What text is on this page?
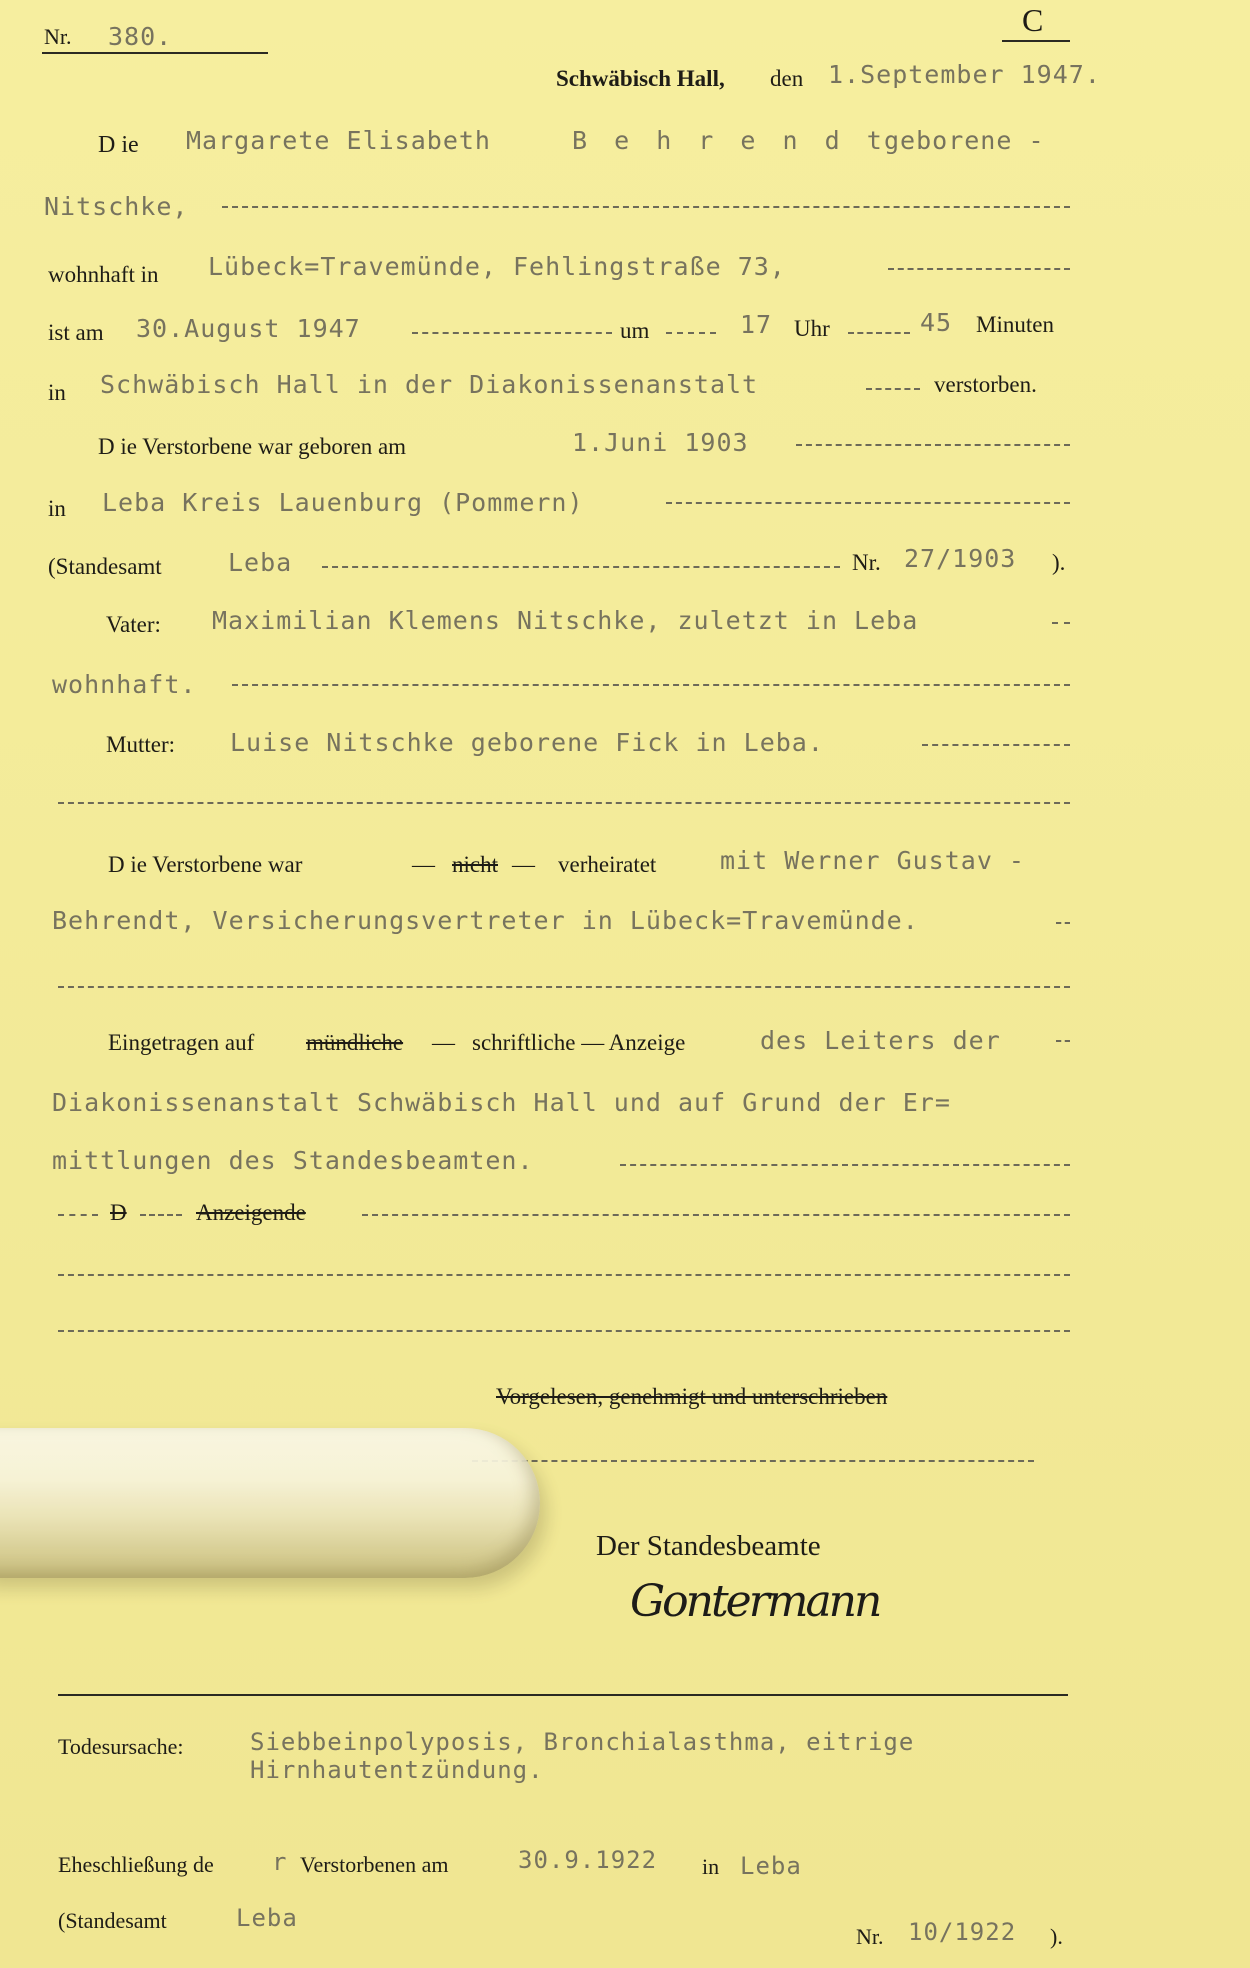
Nr. 380.	C
Schwäbisch Hall, den 1.September 1947.
D ie Margarete Elisabeth	B e h r e n d t
geborene -
Nitschke,
wohnhaft in Lübeck=Travemünde, Fehlingstraße 73,
ist am 30.August 1947	um	17 Uhr	45 Minuten
in Schwäbisch Hall in der Diakonissenanstalt	verstorben.
D ie Verstorbene war geboren am	1.Juni 1903
in Leba Kreis Lauenburg (Pommern)
(Standesamt	Leba	Nr. 27/1903 ).
Vater: Maximilian Klemens Nitschke, zuletzt in Leba
wohnhaft.
Mutter: Luise Nitschke geborene Fick in Leba.
D ie Verstorbene war	— nicht — verheiratet	mit Werner Gustav -
Behrendt, Versicherungsvertreter in Lübeck=Travemünde.
Eingetragen auf mündliche — schriftliche — Anzeige	des Leiters der
Diakonissenanstalt Schwäbisch Hall und auf Grund der Er=
mittlungen des Standesbeamten.
D	Anzeigende
Vorgelesen, genehmigt und unterschrieben
Der Standesbeamte
Gontermann
Todesursache:	Siebbeinpolyposis, Bronchialasthma, eitrige
Hirnhautentzündung.
Eheschließung de r Verstorbenen am	30.9.1922 in Leba
(Standesamt	Leba
Nr. 10/1922 ).
